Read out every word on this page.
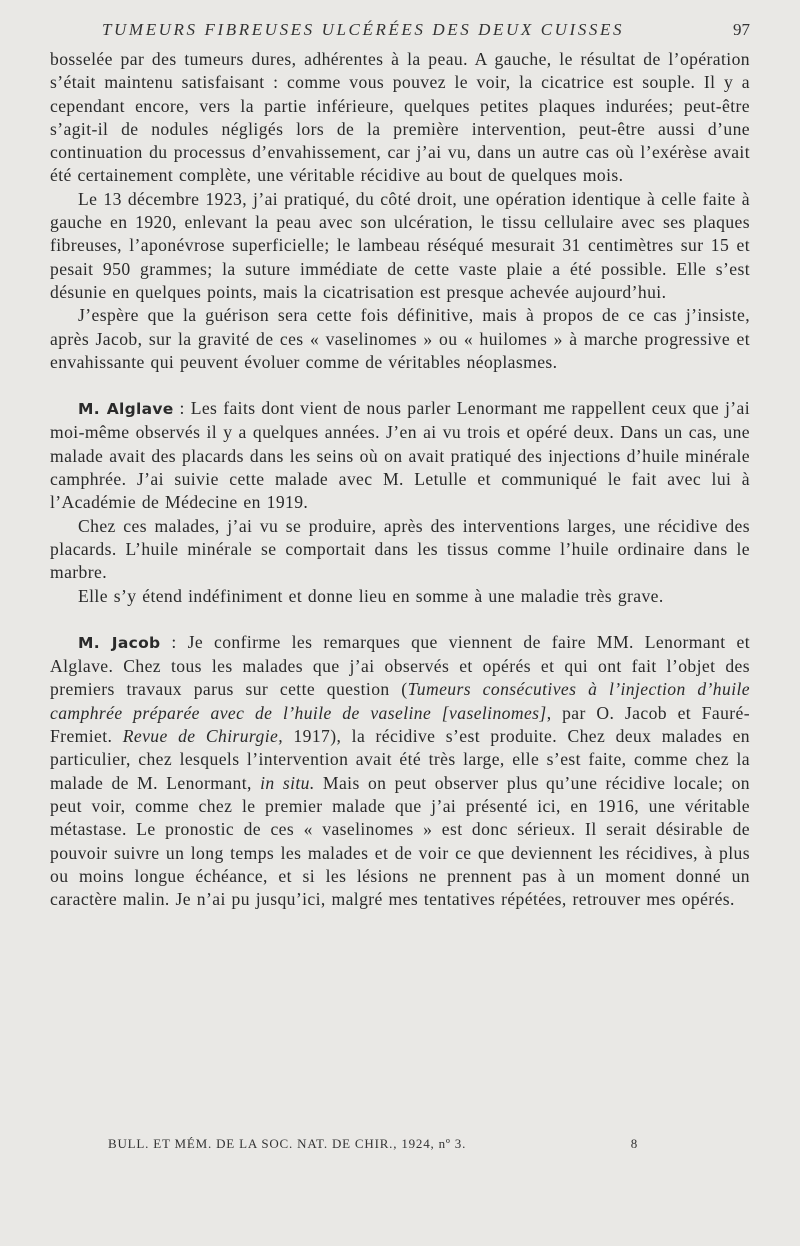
TUMEURS FIBREUSES ULCÉRÉES DES DEUX CUISSES	97

bosselée par des tumeurs dures, adhérentes à la peau. A gauche, le résultat de l’opération s’était maintenu satisfaisant : comme vous pouvez le voir, la cicatrice est souple. Il y a cependant encore, vers la partie inférieure, quelques petites plaques indurées; peut-être s’agit-il de nodules négligés lors de la première intervention, peut-être aussi d’une continuation du processus d’envahissement, car j’ai vu, dans un autre cas où l’exérèse avait été certainement complète, une véritable récidive au bout de quelques mois.

Le 13 décembre 1923, j’ai pratiqué, du côté droit, une opération identique à celle faite à gauche en 1920, enlevant la peau avec son ulcération, le tissu cellulaire avec ses plaques fibreuses, l’aponévrose superficielle; le lambeau réséqué mesurait 31 centimètres sur 15 et pesait 950 grammes; la suture immédiate de cette vaste plaie a été possible. Elle s’est désunie en quelques points, mais la cicatrisation est presque achevée aujourd’hui.

J’espère que la guérison sera cette fois définitive, mais à propos de ce cas j’insiste, après Jacob, sur la gravité de ces « vaselinomes » ou « huilomes » à marche progressive et envahissante qui peuvent évoluer comme de véritables néoplasmes.

M. Alglave : Les faits dont vient de nous parler Lenormant me rappellent ceux que j’ai moi-même observés il y a quelques années. J’en ai vu trois et opéré deux. Dans un cas, une malade avait des placards dans les seins où on avait pratiqué des injections d’huile minérale camphrée. J’ai suivie cette malade avec M. Letulle et communiqué le fait avec lui à l’Académie de Médecine en 1919.

Chez ces malades, j’ai vu se produire, après des interventions larges, une récidive des placards. L’huile minérale se comportait dans les tissus comme l’huile ordinaire dans le marbre.

Elle s’y étend indéfiniment et donne lieu en somme à une maladie très grave.

M. Jacob : Je confirme les remarques que viennent de faire MM. Lenormant et Alglave. Chez tous les malades que j’ai observés et opérés et qui ont fait l’objet des premiers travaux parus sur cette question (Tumeurs consécutives à l’injection d’huile camphrée préparée avec de l’huile de vaseline [vaselinomes], par O. Jacob et Fauré-Fremiet. Revue de Chirurgie, 1917), la récidive s’est produite. Chez deux malades en particulier, chez lesquels l’intervention avait été très large, elle s’est faite, comme chez la malade de M. Lenormant, in situ. Mais on peut observer plus qu’une récidive locale; on peut voir, comme chez le premier malade que j’ai présenté ici, en 1916, une véritable métastase. Le pronostic de ces « vaselinomes » est donc sérieux. Il serait désirable de pouvoir suivre un long temps les malades et de voir ce que deviennent les récidives, à plus ou moins longue échéance, et si les lésions ne prennent pas à un moment donné un caractère malin. Je n’ai pu jusqu’ici, malgré mes tentatives répétées, retrouver mes opérés.

BULL. ET MÉM. DE LA SOC. NAT. DE CHIR., 1924, nº 3.	8
